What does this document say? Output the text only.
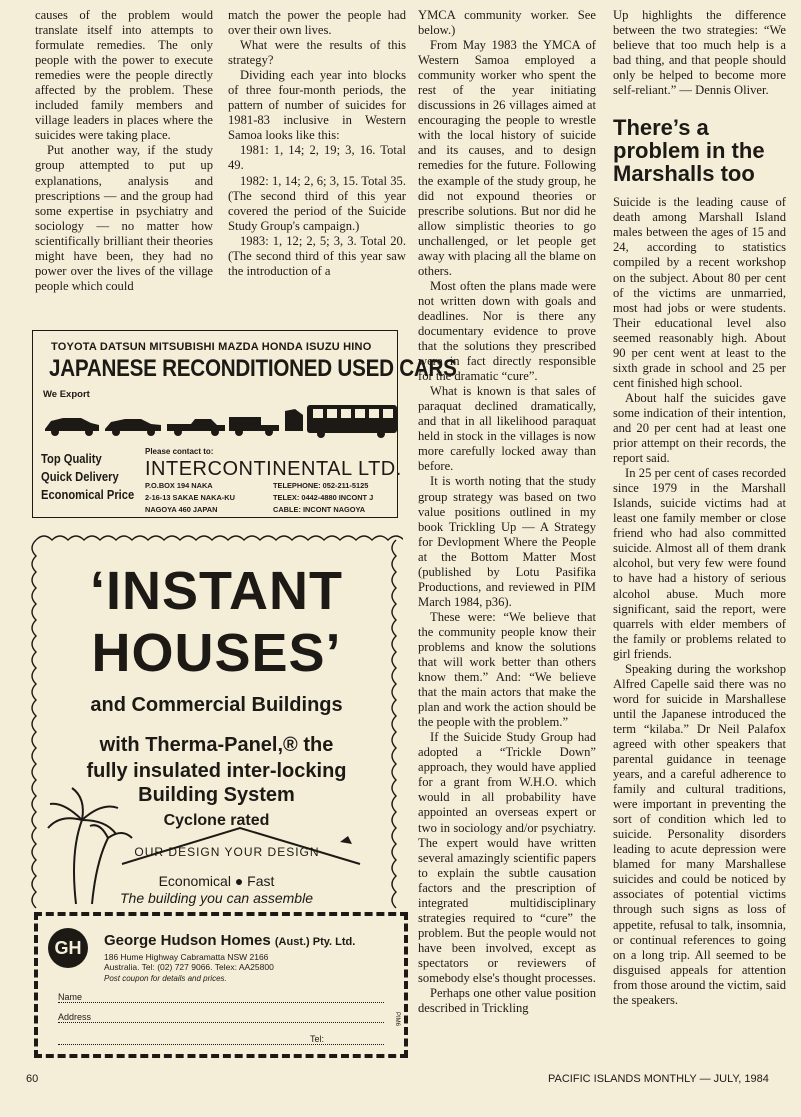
causes of the problem would translate itself into attempts to formulate remedies. The only people with the power to execute remedies were the people directly affected by the problem. These included family members and village leaders in places where the suicides were taking place.

Put another way, if the study group attempted to put up explanations, analysis and prescriptions — and the group had some expertise in psychiatry and sociology — no matter how scientifically brilliant their theories might have been, they had no power over the lives of the village people which could

match the power the people had over their own lives.

What were the results of this strategy?

Dividing each year into blocks of three four-month periods, the pattern of number of suicides for 1981-83 inclusive in Western Samoa looks like this:

1981: 1, 14; 2, 19; 3, 16. Total 49.

1982: 1, 14; 2, 6; 3, 15. Total 35. (The second third of this year covered the period of the Suicide Study Group's campaign.)

1983: 1, 12; 2, 5; 3, 3. Total 20. (The second third of this year saw the introduction of a

YMCA community worker. See below.)

From May 1983 the YMCA of Western Samoa employed a community worker who spent the rest of the year initiating discussions in 26 villages aimed at encouraging the people to wrestle with the local history of suicide and its causes, and to design remedies for the future. Following the example of the study group, he did not expound theories or prescribe solutions. But nor did he allow simplistic theories to go unchallenged, or let people get away with placing all the blame on others.

Most often the plans made were not written down with goals and deadlines. Nor is there any documentary evidence to prove that the solutions they prescribed were in fact directly responsible for the dramatic “cure”.

What is known is that sales of paraquat declined dramatically, and that in all likelihood paraquat held in stock in the villages is now more carefully locked away than before.

It is worth noting that the study group strategy was based on two value positions outlined in my book Trickling Up — A Strategy for Devlopment Where the People at the Bottom Matter Most (published by Lotu Pasifika Productions, and reviewed in PIM March 1984, p36).

These were: “We believe that the community people know their problems and know the solutions that will work better than others know them.” And: “We believe that the main actors that make the plan and work the action should be the people with the problem.”

If the Suicide Study Group had adopted a “Trickle Down” approach, they would have applied for a grant from W.H.O. which would in all probability have appointed an overseas expert or two in sociology and/or psychiatry. The expert would have written several amazingly scientific papers to explain the subtle causation factors and the prescription of integrated multidisciplinary strategies required to “cure” the problem. But the people would not have been involved, except as spectators or reviewers of somebody else's thought processes.

Perhaps one other value position described in Trickling

Up highlights the difference between the two strategies: “We believe that too much help is a bad thing, and that people should only be helped to become more self-reliant.” — Dennis Oliver.

There’s a
problem in the
Marshalls too

Suicide is the leading cause of death among Marshall Island males between the ages of 15 and 24, according to statistics compiled by a recent workshop on the subject. About 80 per cent of the victims are unmarried, most had jobs or were students. Their educational level also seemed reasonably high. About 90 per cent went at least to the sixth grade in school and 25 per cent finished high school.

About half the suicides gave some indication of their intention, and 20 per cent had at least one prior attempt on their records, the report said.

In 25 per cent of cases recorded since 1979 in the Marshall Islands, suicide victims had at least one family member or close friend who had also committed suicide. Almost all of them drank alcohol, but very few were found to have had a history of serious alcohol abuse. Much more significant, said the report, were quarrels with elder members of the family or problems related to girl friends.

Speaking during the workshop Alfred Capelle said there was no word for suicide in Marshallese until the Japanese introduced the term “kilaba.” Dr Neil Palafox agreed with other speakers that parental guidance in teenage years, and a careful adherence to family and cultural traditions, were important in preventing the sort of condition which led to suicide. Personality disorders leading to acute depression were blamed for many Marshallese suicides and could be noticed by associates of potential victims through such signs as loss of appetite, refusal to talk, insomnia, or continual references to going on a long trip. All seemed to be disguised appeals for attention from those around the victim, said the speakers.

TOYOTA DATSUN MITSUBISHI MAZDA HONDA ISUZU HINO
JAPANESE RECONDITIONED USED CARS
We Export
Top Quality
Quick Delivery
Economical Price
Please contact to:
INTERCONTINENTAL LTD.
P.O.BOX 194 NAKA
2-16-13 SAKAE NAKA-KU
NAGOYA 460 JAPAN
TELEPHONE: 052-211-5125
TELEX: 0442-4880 INCONT J
CABLE: INCONT NAGOYA
‘INSTANT
HOUSES’
and Commercial Buildings
with Therma-Panel,® the
fully insulated inter-locking
Building System
Cyclone rated
OUR DESIGN YOUR DESIGN
Economical ● Fast
The building you can assemble
GH	George Hudson Homes (Aust.) Pty. Ltd.
186 Hume Highway Cabramatta NSW 2166
Australia. Tel: (02) 727 9066. Telex: AA25800
Post coupon for details and prices.
Name
Address
Tel:
PIM6
60	PACIFIC ISLANDS MONTHLY — JULY, 1984
